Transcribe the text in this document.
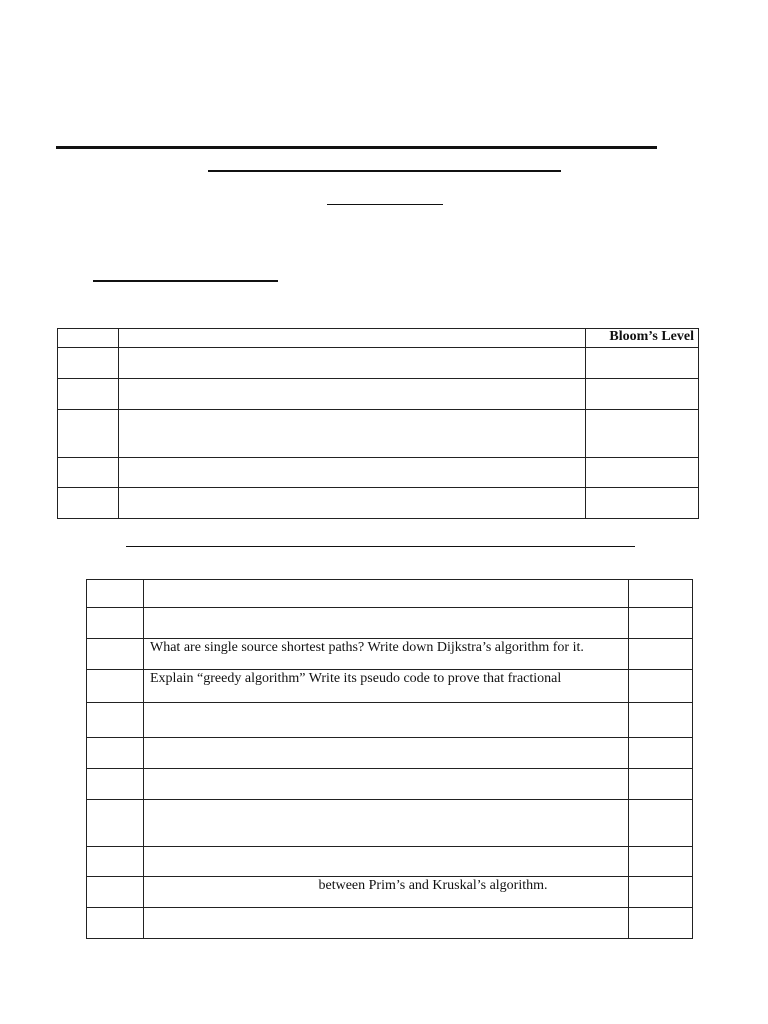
		Bloom’s Level

	What are single source shortest paths? Write down Dijkstra’s algorithm for it.	

	Explain “greedy algorithm” Write its pseudo code to prove that fractional	

	between Prim’s and Kruskal’s algorithm.	
